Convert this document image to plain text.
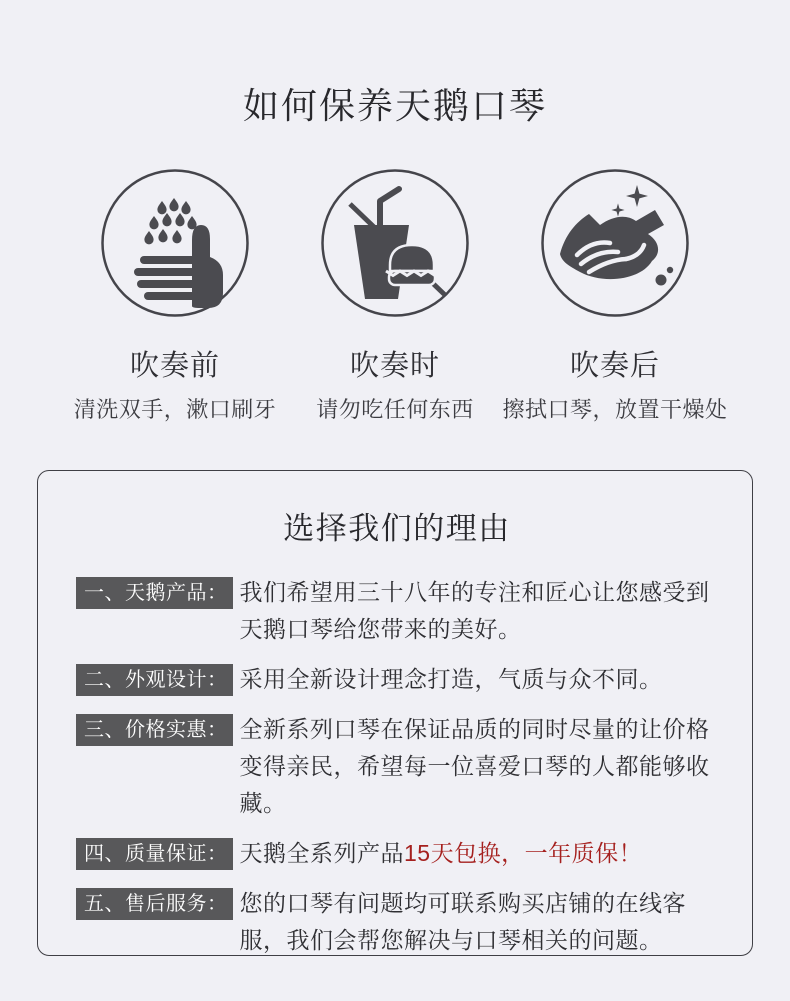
如何保养天鹅口琴
吹奏前
清洗双手，漱口刷牙
吹奏时
请勿吃任何东西
吹奏后
擦拭口琴，放置干燥处
选择我们的理由
一、天鹅产品： 我们希望用三十八年的专注和匠心让您感受到天鹅口琴给您带来的美好。

二、外观设计： 采用全新设计理念打造，气质与众不同。

三、价格实惠： 全新系列口琴在保证品质的同时尽量的让价格变得亲民，希望每一位喜爱口琴的人都能够收藏。

四、质量保证： 天鹅全系列产品15天包换，一年质保！

五、售后服务： 您的口琴有问题均可联系购买店铺的在线客服，我们会帮您解决与口琴相关的问题。
